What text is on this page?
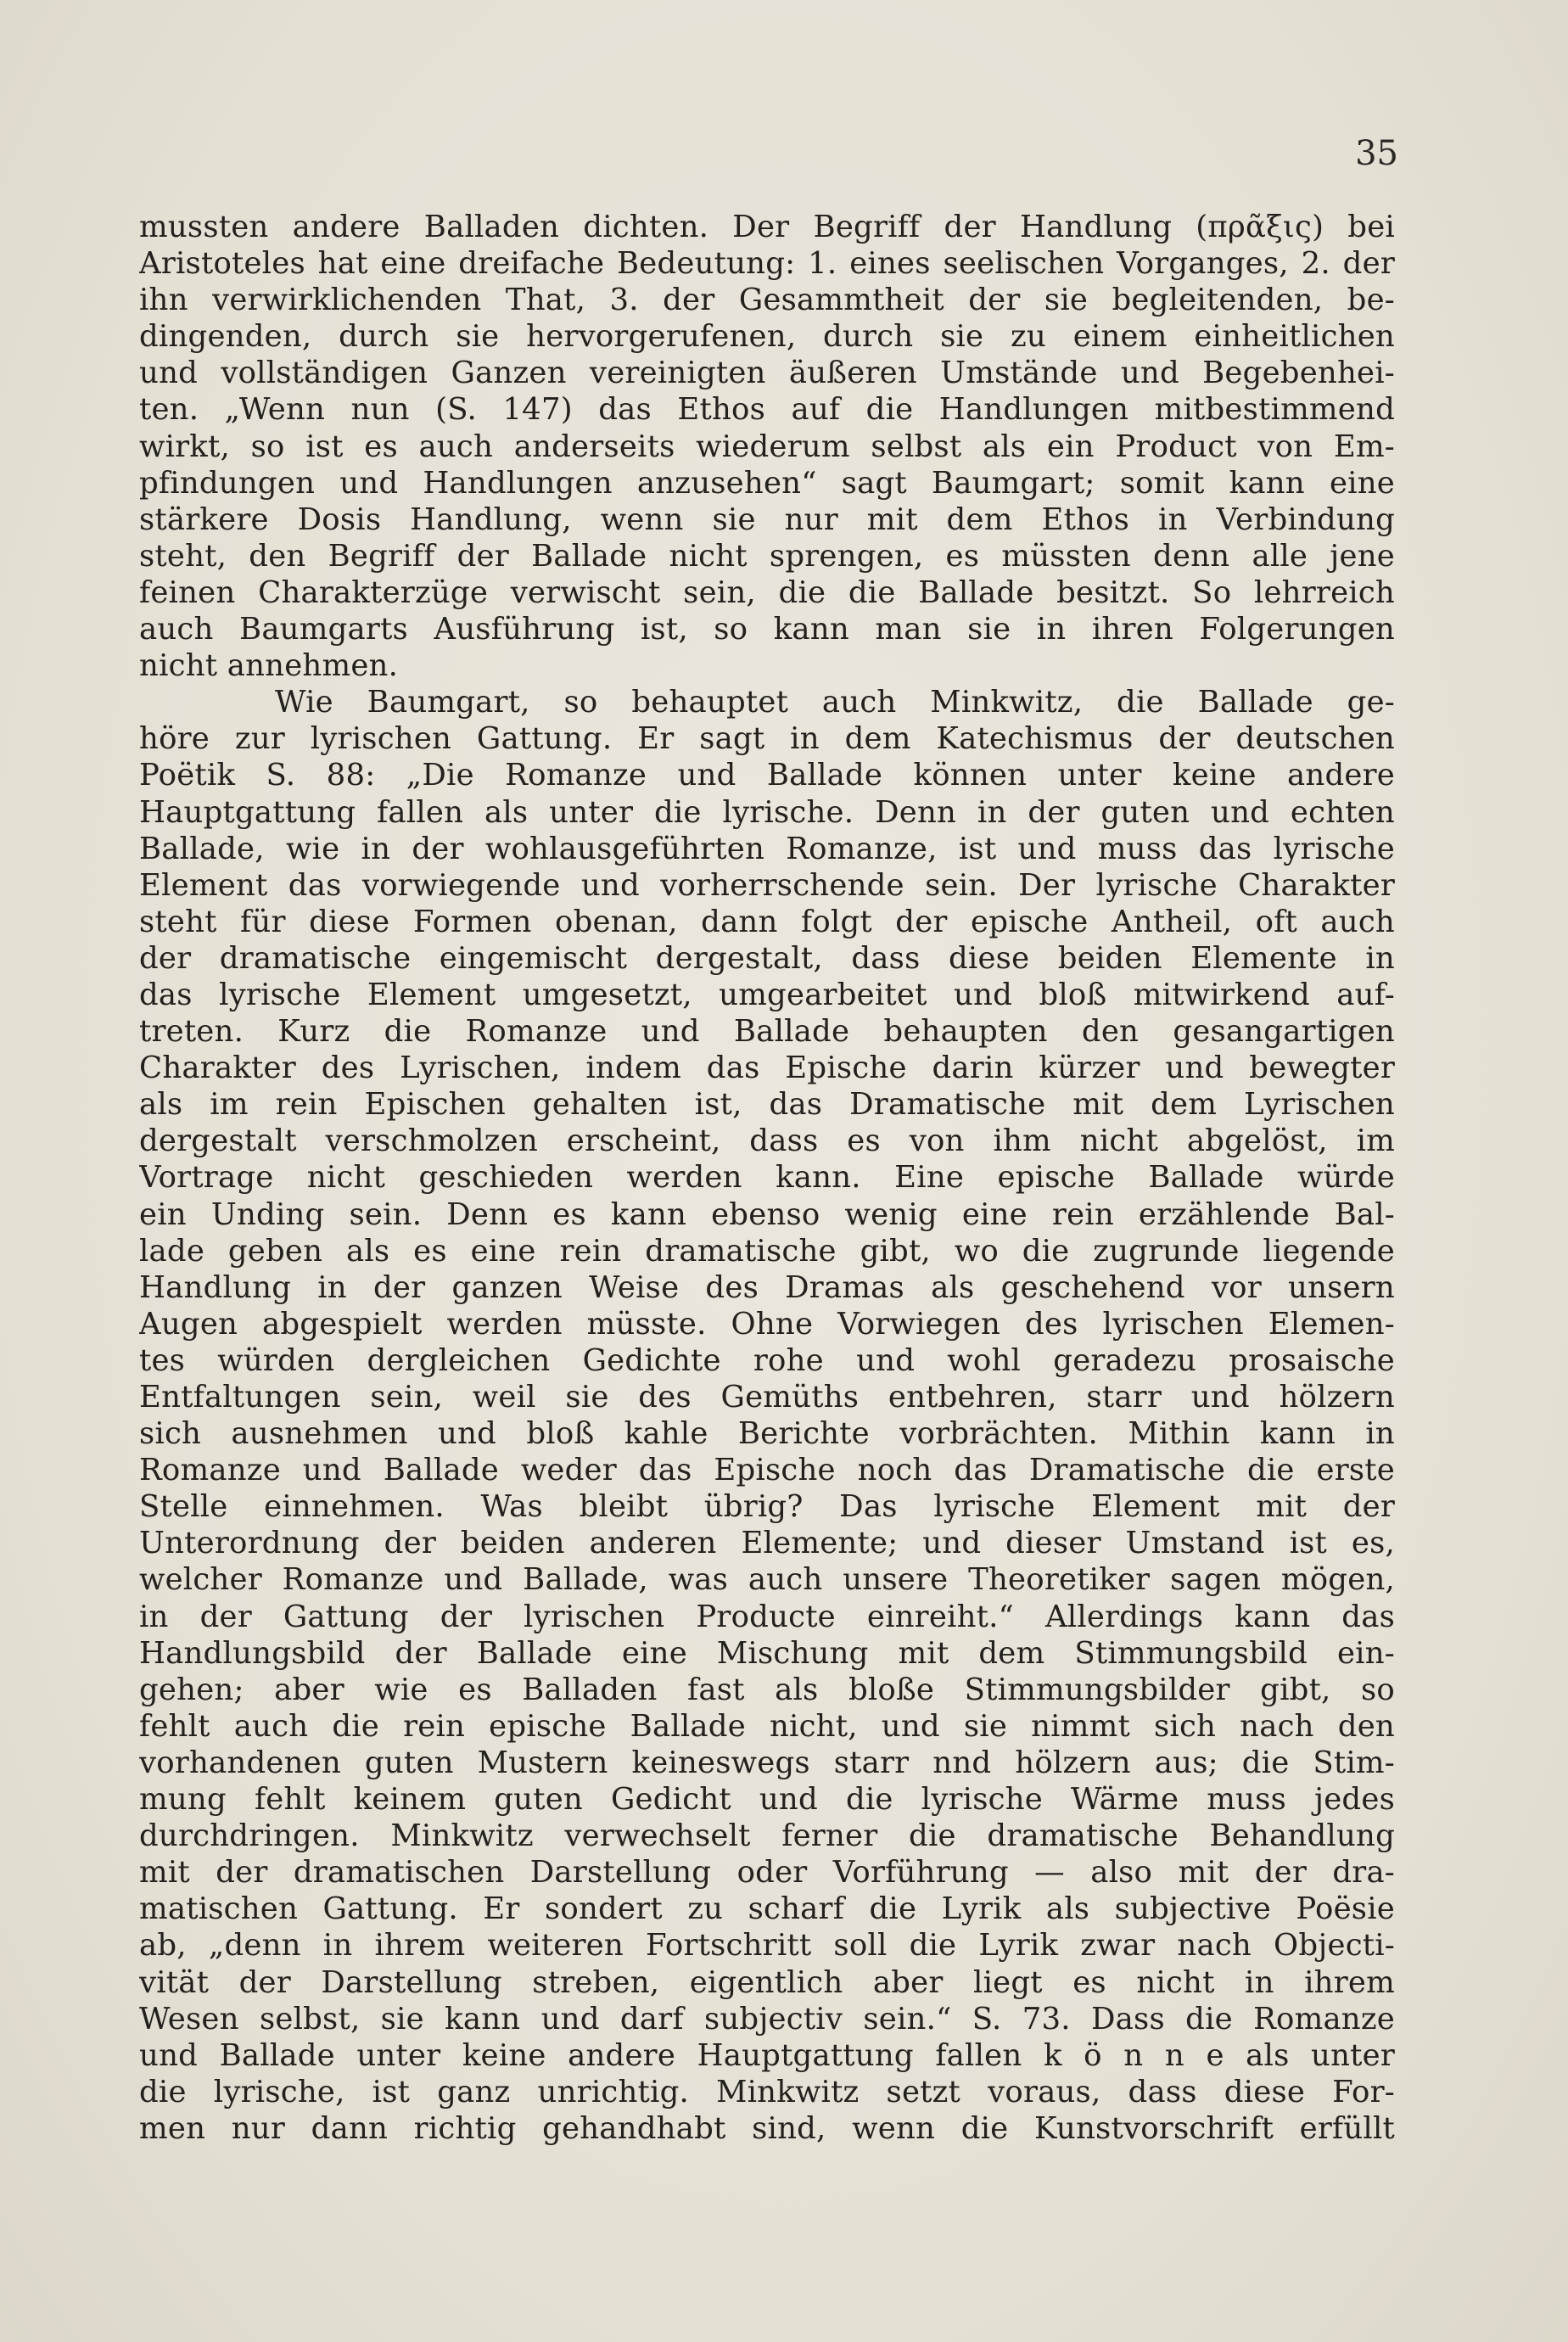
35
mussten andere Balladen dichten. Der Begriff der Handlung (πρᾶξις) bei
Aristoteles hat eine dreifache Bedeutung: 1. eines seelischen Vorganges, 2. der
ihn verwirklichenden That, 3. der Gesammtheit der sie begleitenden, be-
dingenden, durch sie hervorgerufenen, durch sie zu einem einheitlichen
und vollständigen Ganzen vereinigten äußeren Umstände und Begebenhei-
ten. „Wenn nun (S. 147) das Ethos auf die Handlungen mitbestimmend
wirkt, so ist es auch anderseits wiederum selbst als ein Product von Em-
pfindungen und Handlungen anzusehen“ sagt Baumgart; somit kann eine
stärkere Dosis Handlung, wenn sie nur mit dem Ethos in Verbindung
steht, den Begriff der Ballade nicht sprengen, es müssten denn alle jene
feinen Charakterzüge verwischt sein, die die Ballade besitzt. So lehrreich
auch Baumgarts Ausführung ist, so kann man sie in ihren Folgerungen
nicht annehmen.
Wie Baumgart, so behauptet auch Minkwitz, die Ballade ge-
höre zur lyrischen Gattung. Er sagt in dem Katechismus der deutschen
Poëtik S. 88: „Die Romanze und Ballade können unter keine andere
Hauptgattung fallen als unter die lyrische. Denn in der guten und echten
Ballade, wie in der wohlausgeführten Romanze, ist und muss das lyrische
Element das vorwiegende und vorherrschende sein. Der lyrische Charakter
steht für diese Formen obenan, dann folgt der epische Antheil, oft auch
der dramatische eingemischt dergestalt, dass diese beiden Elemente in
das lyrische Element umgesetzt, umgearbeitet und bloß mitwirkend auf-
treten. Kurz die Romanze und Ballade behaupten den gesangartigen
Charakter des Lyrischen, indem das Epische darin kürzer und bewegter
als im rein Epischen gehalten ist, das Dramatische mit dem Lyrischen
dergestalt verschmolzen erscheint, dass es von ihm nicht abgelöst, im
Vortrage nicht geschieden werden kann. Eine epische Ballade würde
ein Unding sein. Denn es kann ebenso wenig eine rein erzählende Bal-
lade geben als es eine rein dramatische gibt, wo die zugrunde liegende
Handlung in der ganzen Weise des Dramas als geschehend vor unsern
Augen abgespielt werden müsste. Ohne Vorwiegen des lyrischen Elemen-
tes würden dergleichen Gedichte rohe und wohl geradezu prosaische
Entfaltungen sein, weil sie des Gemüths entbehren, starr und hölzern
sich ausnehmen und bloß kahle Berichte vorbrächten. Mithin kann in
Romanze und Ballade weder das Epische noch das Dramatische die erste
Stelle einnehmen. Was bleibt übrig? Das lyrische Element mit der
Unterordnung der beiden anderen Elemente; und dieser Umstand ist es,
welcher Romanze und Ballade, was auch unsere Theoretiker sagen mögen,
in der Gattung der lyrischen Producte einreiht.“ Allerdings kann das
Handlungsbild der Ballade eine Mischung mit dem Stimmungsbild ein-
gehen; aber wie es Balladen fast als bloße Stimmungsbilder gibt, so
fehlt auch die rein epische Ballade nicht, und sie nimmt sich nach den
vorhandenen guten Mustern keineswegs starr nnd hölzern aus; die Stim-
mung fehlt keinem guten Gedicht und die lyrische Wärme muss jedes
durchdringen. Minkwitz verwechselt ferner die dramatische Behandlung
mit der dramatischen Darstellung oder Vorführung — also mit der dra-
matischen Gattung. Er sondert zu scharf die Lyrik als subjective Poësie
ab, „denn in ihrem weiteren Fortschritt soll die Lyrik zwar nach Objecti-
vität der Darstellung streben, eigentlich aber liegt es nicht in ihrem
Wesen selbst, sie kann und darf subjectiv sein.“ S. 73. Dass die Romanze
und Ballade unter keine andere Hauptgattung fallen k ö n n e als unter
die lyrische, ist ganz unrichtig. Minkwitz setzt voraus, dass diese For-
men nur dann richtig gehandhabt sind, wenn die Kunstvorschrift erfüllt
